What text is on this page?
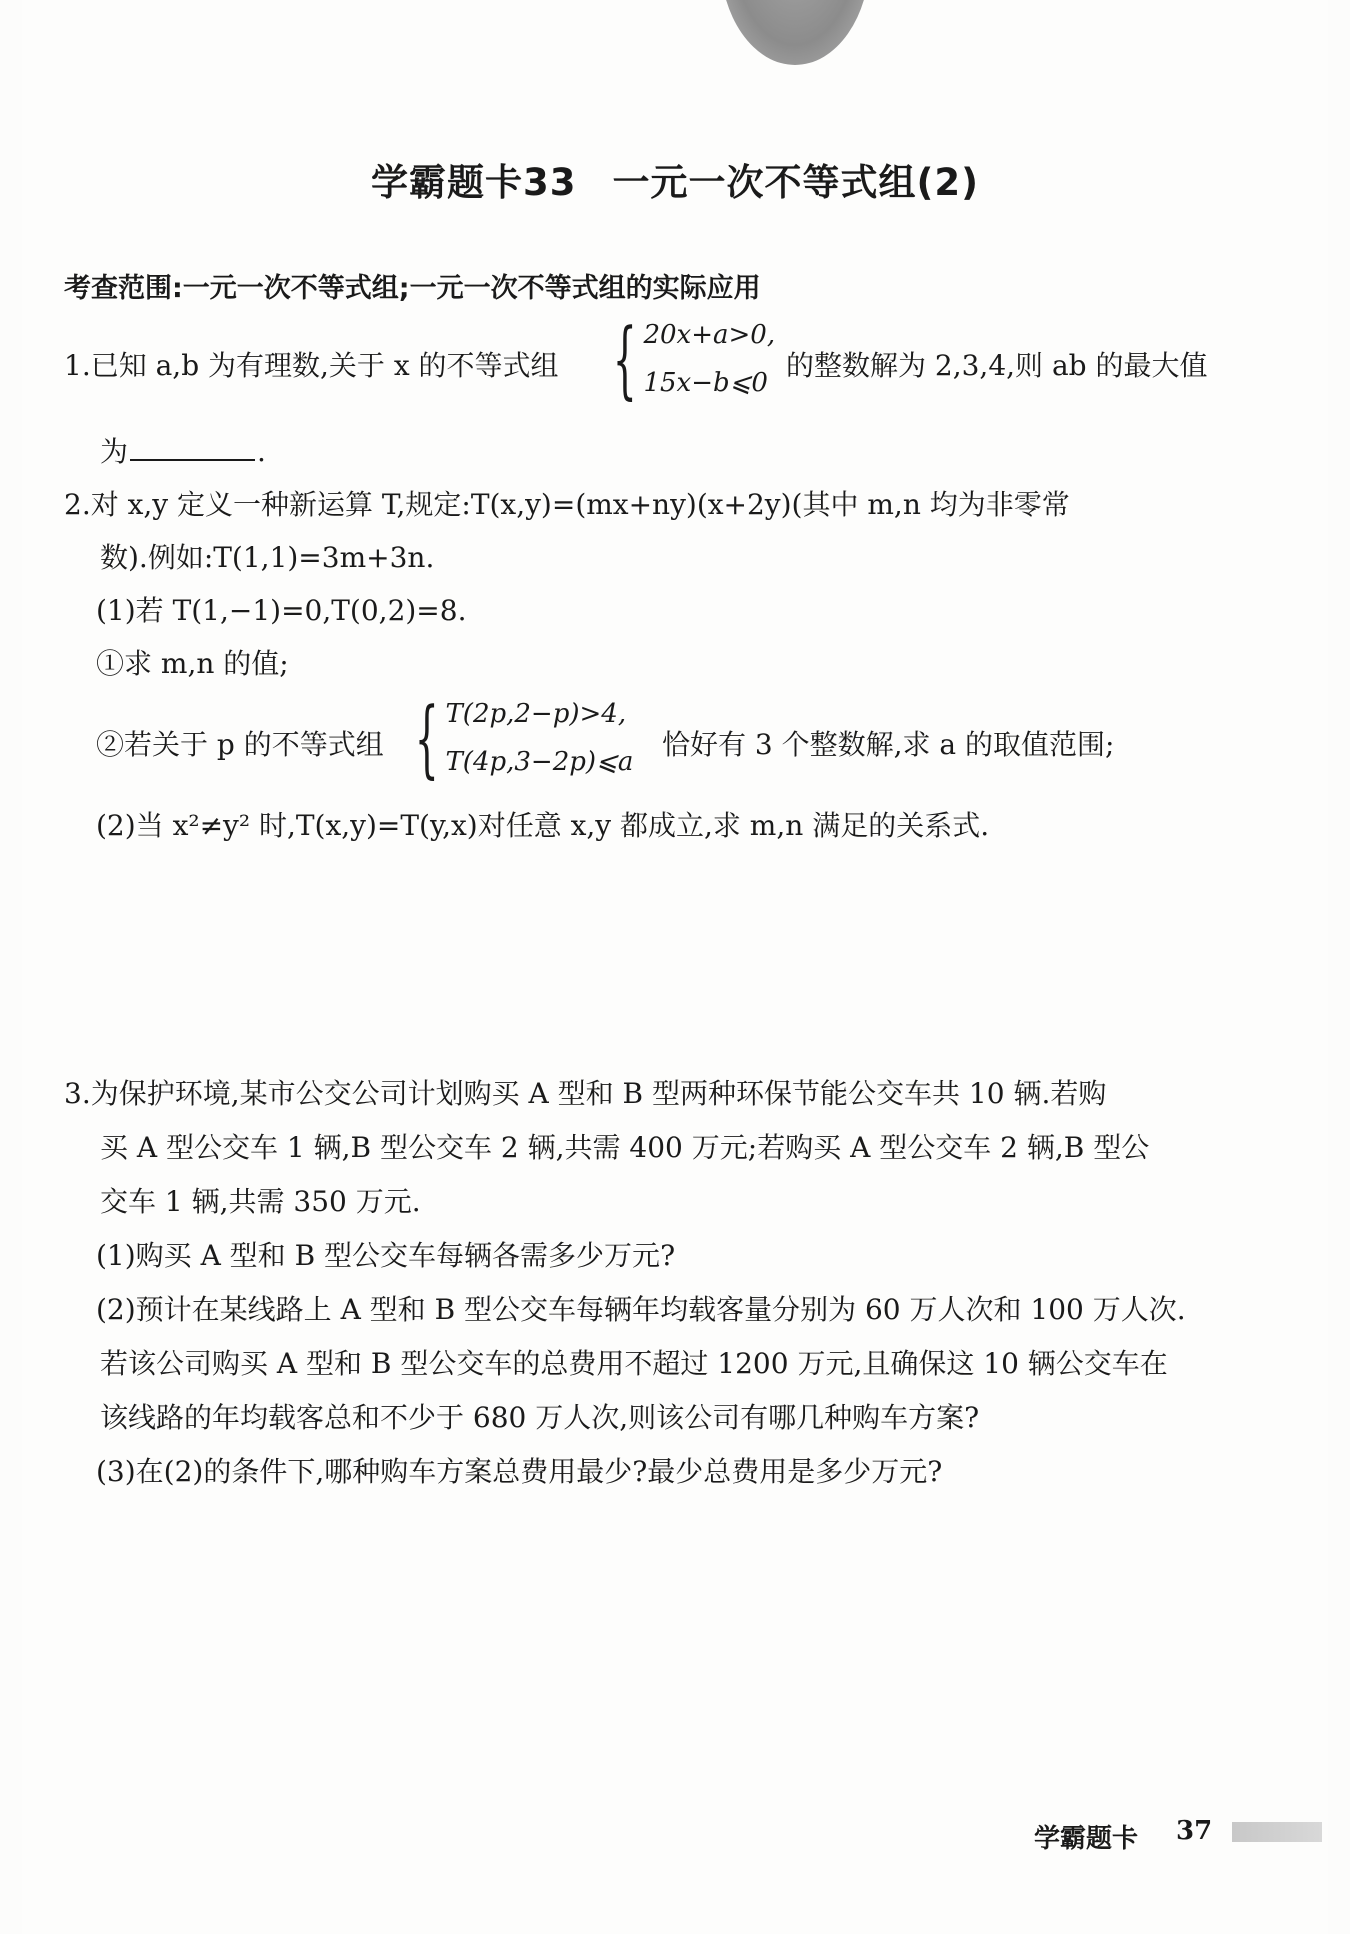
学霸题卡33 一元一次不等式组(2)
考查范围:一元一次不等式组;一元一次不等式组的实际应用
1.已知 a,b 为有理数,关于 x 的不等式组 { 20x+a>0,
15x−b⩽0
的整数解为 2,3,4,则 ab 的最大值
为	.
2.对 x,y 定义一种新运算 T,规定:T(x,y)=(mx+ny)(x+2y)(其中 m,n 均为非零常
数).例如:T(1,1)=3m+3n.
(1)若 T(1,−1)=0,T(0,2)=8.
①求 m,n 的值;
②若关于 p 的不等式组 { T(2p,2−p)>4,
T(4p,3−2p)⩽a
恰好有 3 个整数解,求 a 的取值范围;
(2)当 x²≠y² 时,T(x,y)=T(y,x)对任意 x,y 都成立,求 m,n 满足的关系式.
3.为保护环境,某市公交公司计划购买 A 型和 B 型两种环保节能公交车共 10 辆.若购
买 A 型公交车 1 辆,B 型公交车 2 辆,共需 400 万元;若购买 A 型公交车 2 辆,B 型公
交车 1 辆,共需 350 万元.
(1)购买 A 型和 B 型公交车每辆各需多少万元?
(2)预计在某线路上 A 型和 B 型公交车每辆年均载客量分别为 60 万人次和 100 万人次.
若该公司购买 A 型和 B 型公交车的总费用不超过 1200 万元,且确保这 10 辆公交车在
该线路的年均载客总和不少于 680 万人次,则该公司有哪几种购车方案?
(3)在(2)的条件下,哪种购车方案总费用最少?最少总费用是多少万元?
学霸题卡 37
